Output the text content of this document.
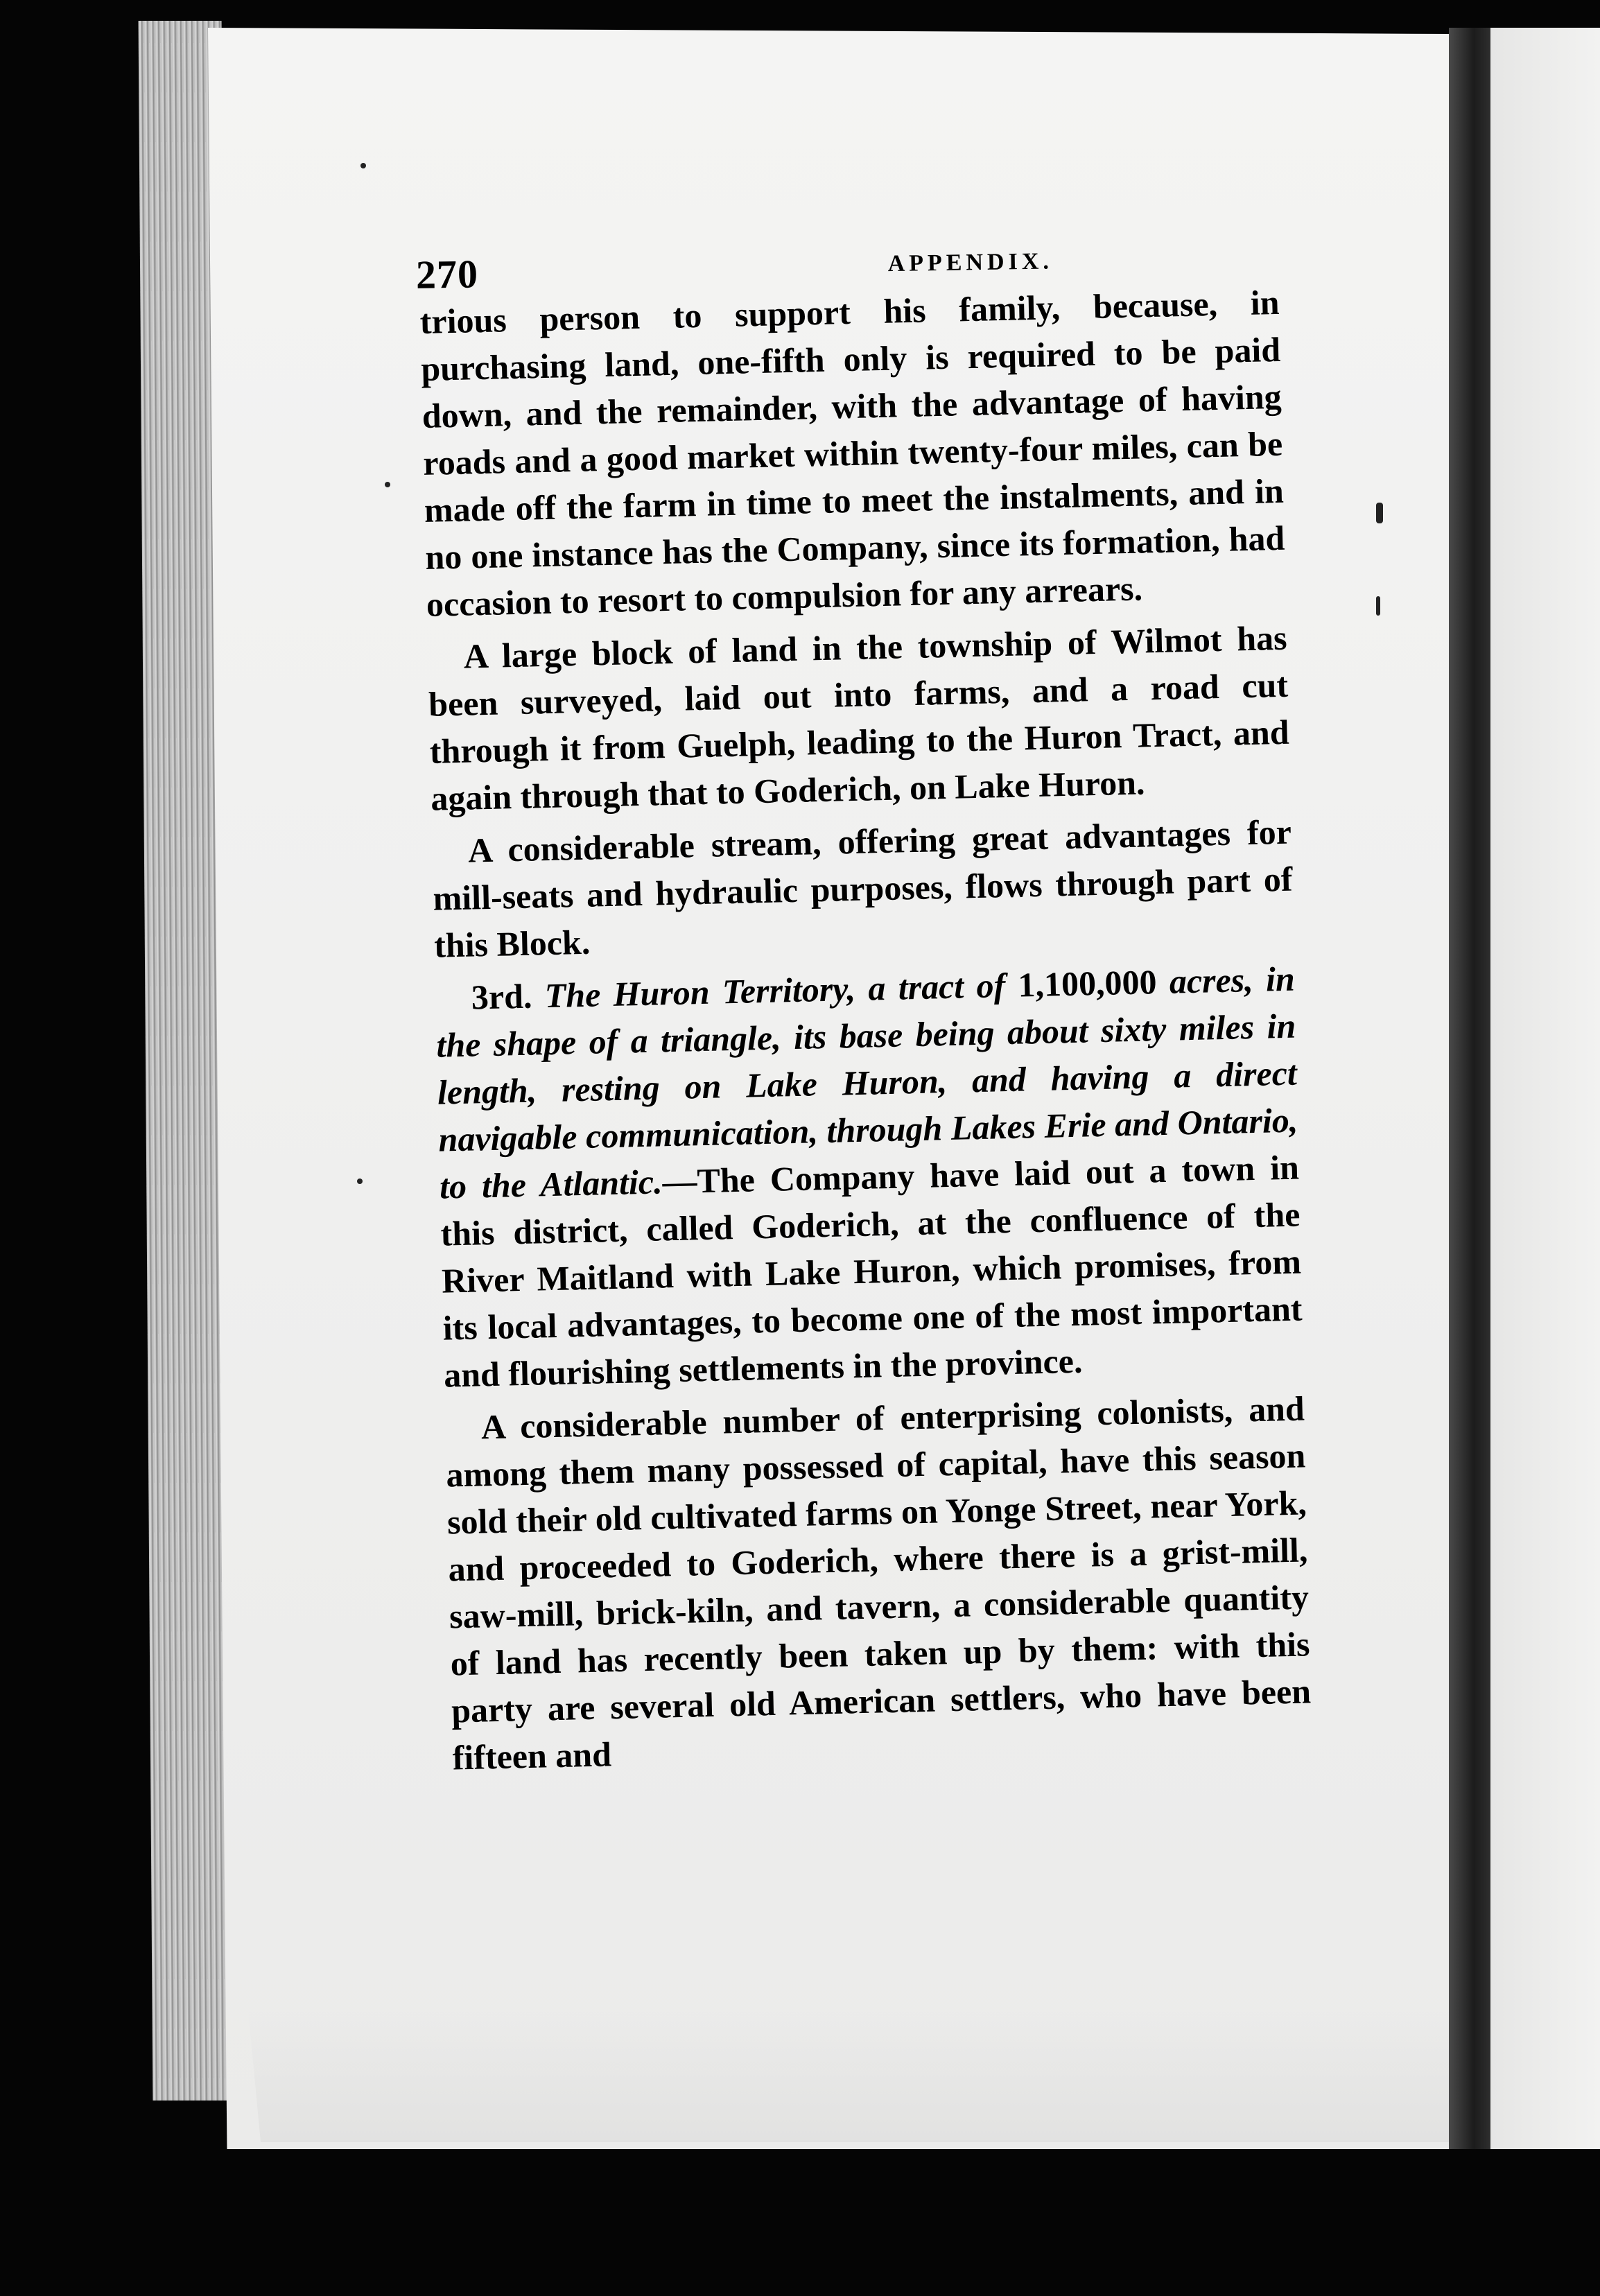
270	APPENDIX.

trious person to support his family, because, in purchasing land, one-fifth only is required to be paid down, and the remainder, with the advantage of having roads and a good market within twenty-four miles, can be made off the farm in time to meet the instalments, and in no one instance has the Company, since its formation, had occasion to resort to compulsion for any arrears.

A large block of land in the township of Wilmot has been surveyed, laid out into farms, and a road cut through it from Guelph, leading to the Huron Tract, and again through that to Goderich, on Lake Huron.

A considerable stream, offering great advantages for mill-seats and hydraulic purposes, flows through part of this Block.

3rd. The Huron Territory, a tract of 1,100,000 acres, in the shape of a triangle, its base being about sixty miles in length, resting on Lake Huron, and having a direct navigable communication, through Lakes Erie and Ontario, to the Atlantic.—The Company have laid out a town in this district, called Goderich, at the confluence of the River Maitland with Lake Huron, which promises, from its local advantages, to become one of the most important and flourishing settlements in the province.

A considerable number of enterprising colonists, and among them many possessed of capital, have this season sold their old cultivated farms on Yonge Street, near York, and proceeded to Goderich, where there is a grist-mill, saw-mill, brick-kiln, and tavern, a considerable quantity of land has recently been taken up by them: with this party are several old American settlers, who have been fifteen and
